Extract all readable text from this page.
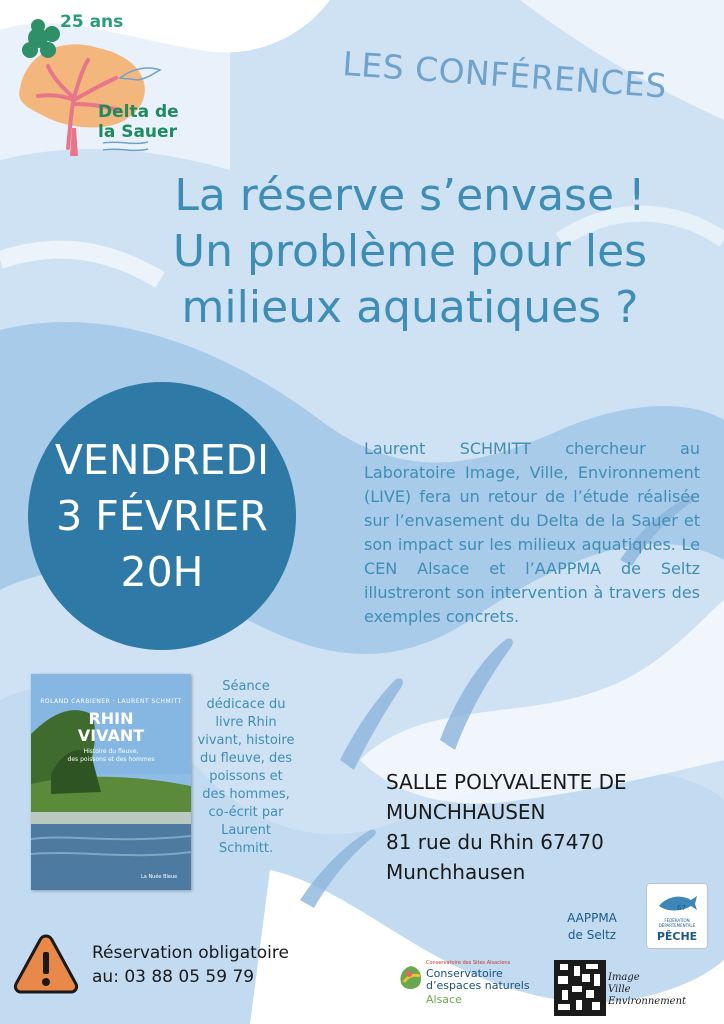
25 ans
Delta de
la Sauer
LES CONFÉRENCES
La réserve s’envase !
Un problème pour les
milieux aquatiques ?
VENDREDI
3 FÉVRIER
20H
Laurent SCHMITT chercheur au Laboratoire Image, Ville, Environnement (LIVE) fera un retour de l’étude réalisée sur l’envasement du Delta de la Sauer et son impact sur les milieux aquatiques. Le CEN Alsace et l’AAPPMA de Seltz illustreront son intervention à travers des exemples concrets.
ROLAND CARBIENER · LAURENT SCHMITT
RHIN
VIVANT
Histoire du fleuve,
des poissons et des hommes
La Nuée Bleue
Séance dédicace du livre Rhin vivant, histoire du fleuve, des poissons et des hommes, co-écrit par Laurent Schmitt.
SALLE POLYVALENTE DE
MUNCHHAUSEN
81 rue du Rhin 67470
Munchhausen
Réservation obligatoire
au: 03 88 05 59 79
AAPPMA
de Seltz
67
FÉDÉRATION DÉPARTEMENTALE
PÊCHE
Conservatoire des Sites Alsaciens
Conservatoire
d’espaces naturels
Alsace
Image
Ville
Environnement
